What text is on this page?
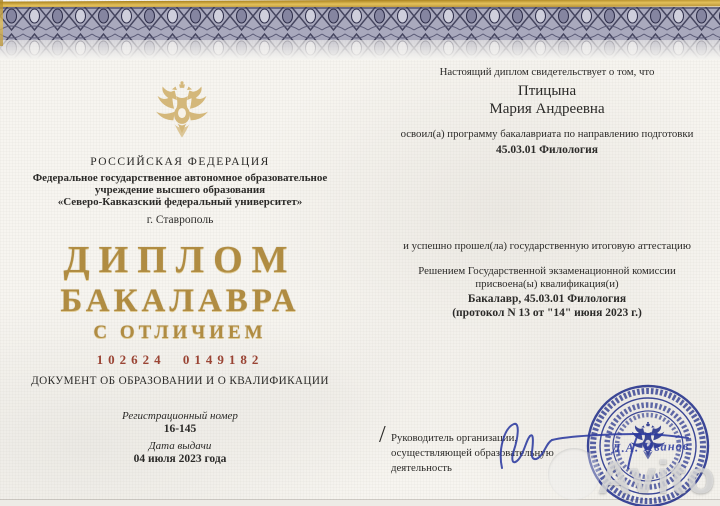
РОССИЙСКАЯ ФЕДЕРАЦИЯ
Федеральное государственное автономное образовательное
учреждение высшего образования
«Северо-Кавказский федеральный университет»
г. Ставрополь
ДИПЛОМ
БАКАЛАВРА
С ОТЛИЧИЕМ
102624 0149182
ДОКУМЕНТ ОБ ОБРАЗОВАНИИ И О КВАЛИФИКАЦИИ
Регистрационный номер
16-145
Дата выдачи
04 июля 2023 года
Настоящий диплом свидетельствует о том, что
Птицына
Мария Андреевна
освоил(а) программу бакалавриата по направлению подготовки
45.03.01 Филология
и успешно прошел(ла) государственную итоговую аттестацию
Решением Государственной экзаменационной комиссии
присвоена(ы) квалификация(и)
Бакалавр, 45.03.01 Филология
(протокол N 13 от "14" июня 2023 г.)
/ Руководитель организации,
осуществляющей образовательную
деятельность
Д.А. Иванов
Avito
